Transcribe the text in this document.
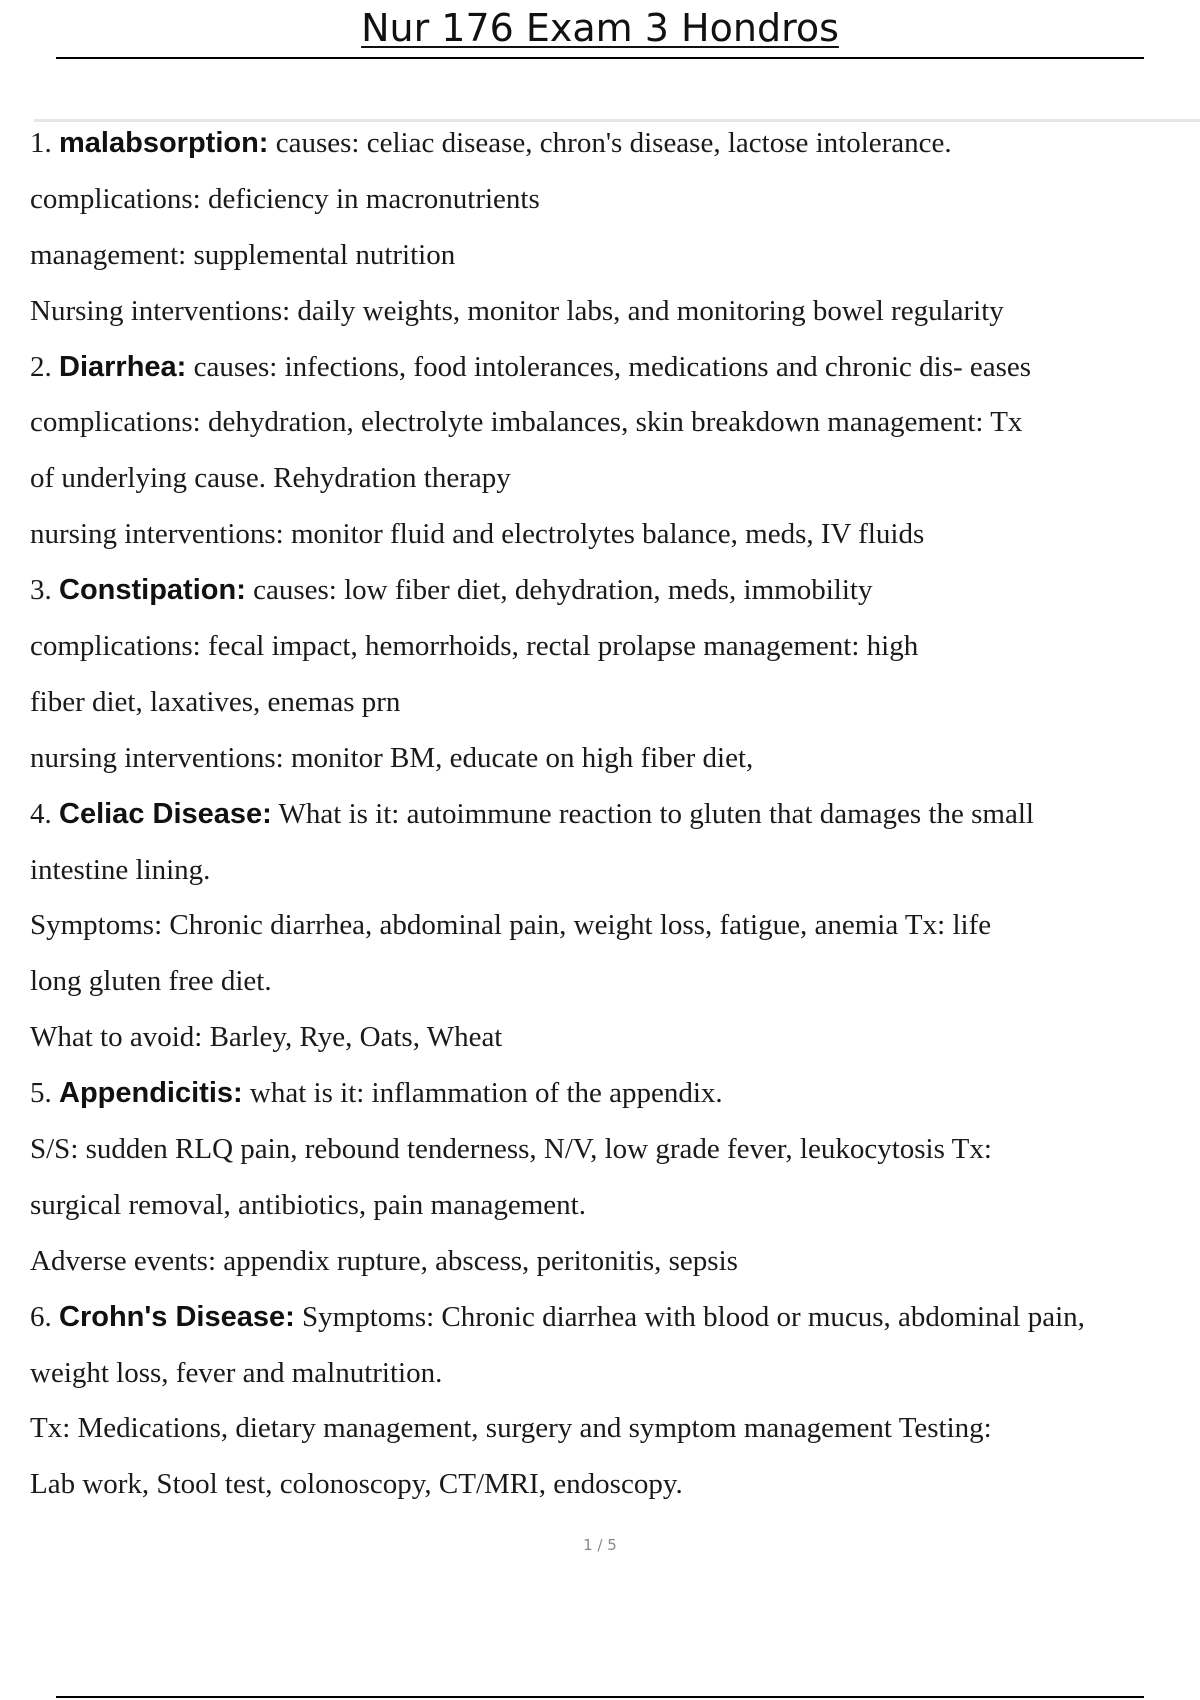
Nur 176 Exam 3 Hondros
1. malabsorption: causes: celiac disease, chron's disease, lactose intolerance.
complications: deficiency in macronutrients
management: supplemental nutrition
Nursing interventions: daily weights, monitor labs, and monitoring bowel regularity
2. Diarrhea: causes: infections, food intolerances, medications and chronic dis- eases
complications: dehydration, electrolyte imbalances, skin breakdown management: Tx
of underlying cause. Rehydration therapy
nursing interventions: monitor fluid and electrolytes balance, meds, IV fluids
3. Constipation: causes: low fiber diet, dehydration, meds, immobility
complications: fecal impact, hemorrhoids, rectal prolapse management: high
fiber diet, laxatives, enemas prn
nursing interventions: monitor BM, educate on high fiber diet,
4. Celiac Disease: What is it: autoimmune reaction to gluten that damages the small
intestine lining.
Symptoms: Chronic diarrhea, abdominal pain, weight loss, fatigue, anemia Tx: life
long gluten free diet.
What to avoid: Barley, Rye, Oats, Wheat
5. Appendicitis: what is it: inflammation of the appendix.
S/S: sudden RLQ pain, rebound tenderness, N/V, low grade fever, leukocytosis Tx:
surgical removal, antibiotics, pain management.
Adverse events: appendix rupture, abscess, peritonitis, sepsis
6. Crohn's Disease: Symptoms: Chronic diarrhea with blood or mucus, abdominal pain,
weight loss, fever and malnutrition.
Tx: Medications, dietary management, surgery and symptom management Testing:
Lab work, Stool test, colonoscopy, CT/MRI, endoscopy.
1 / 5
